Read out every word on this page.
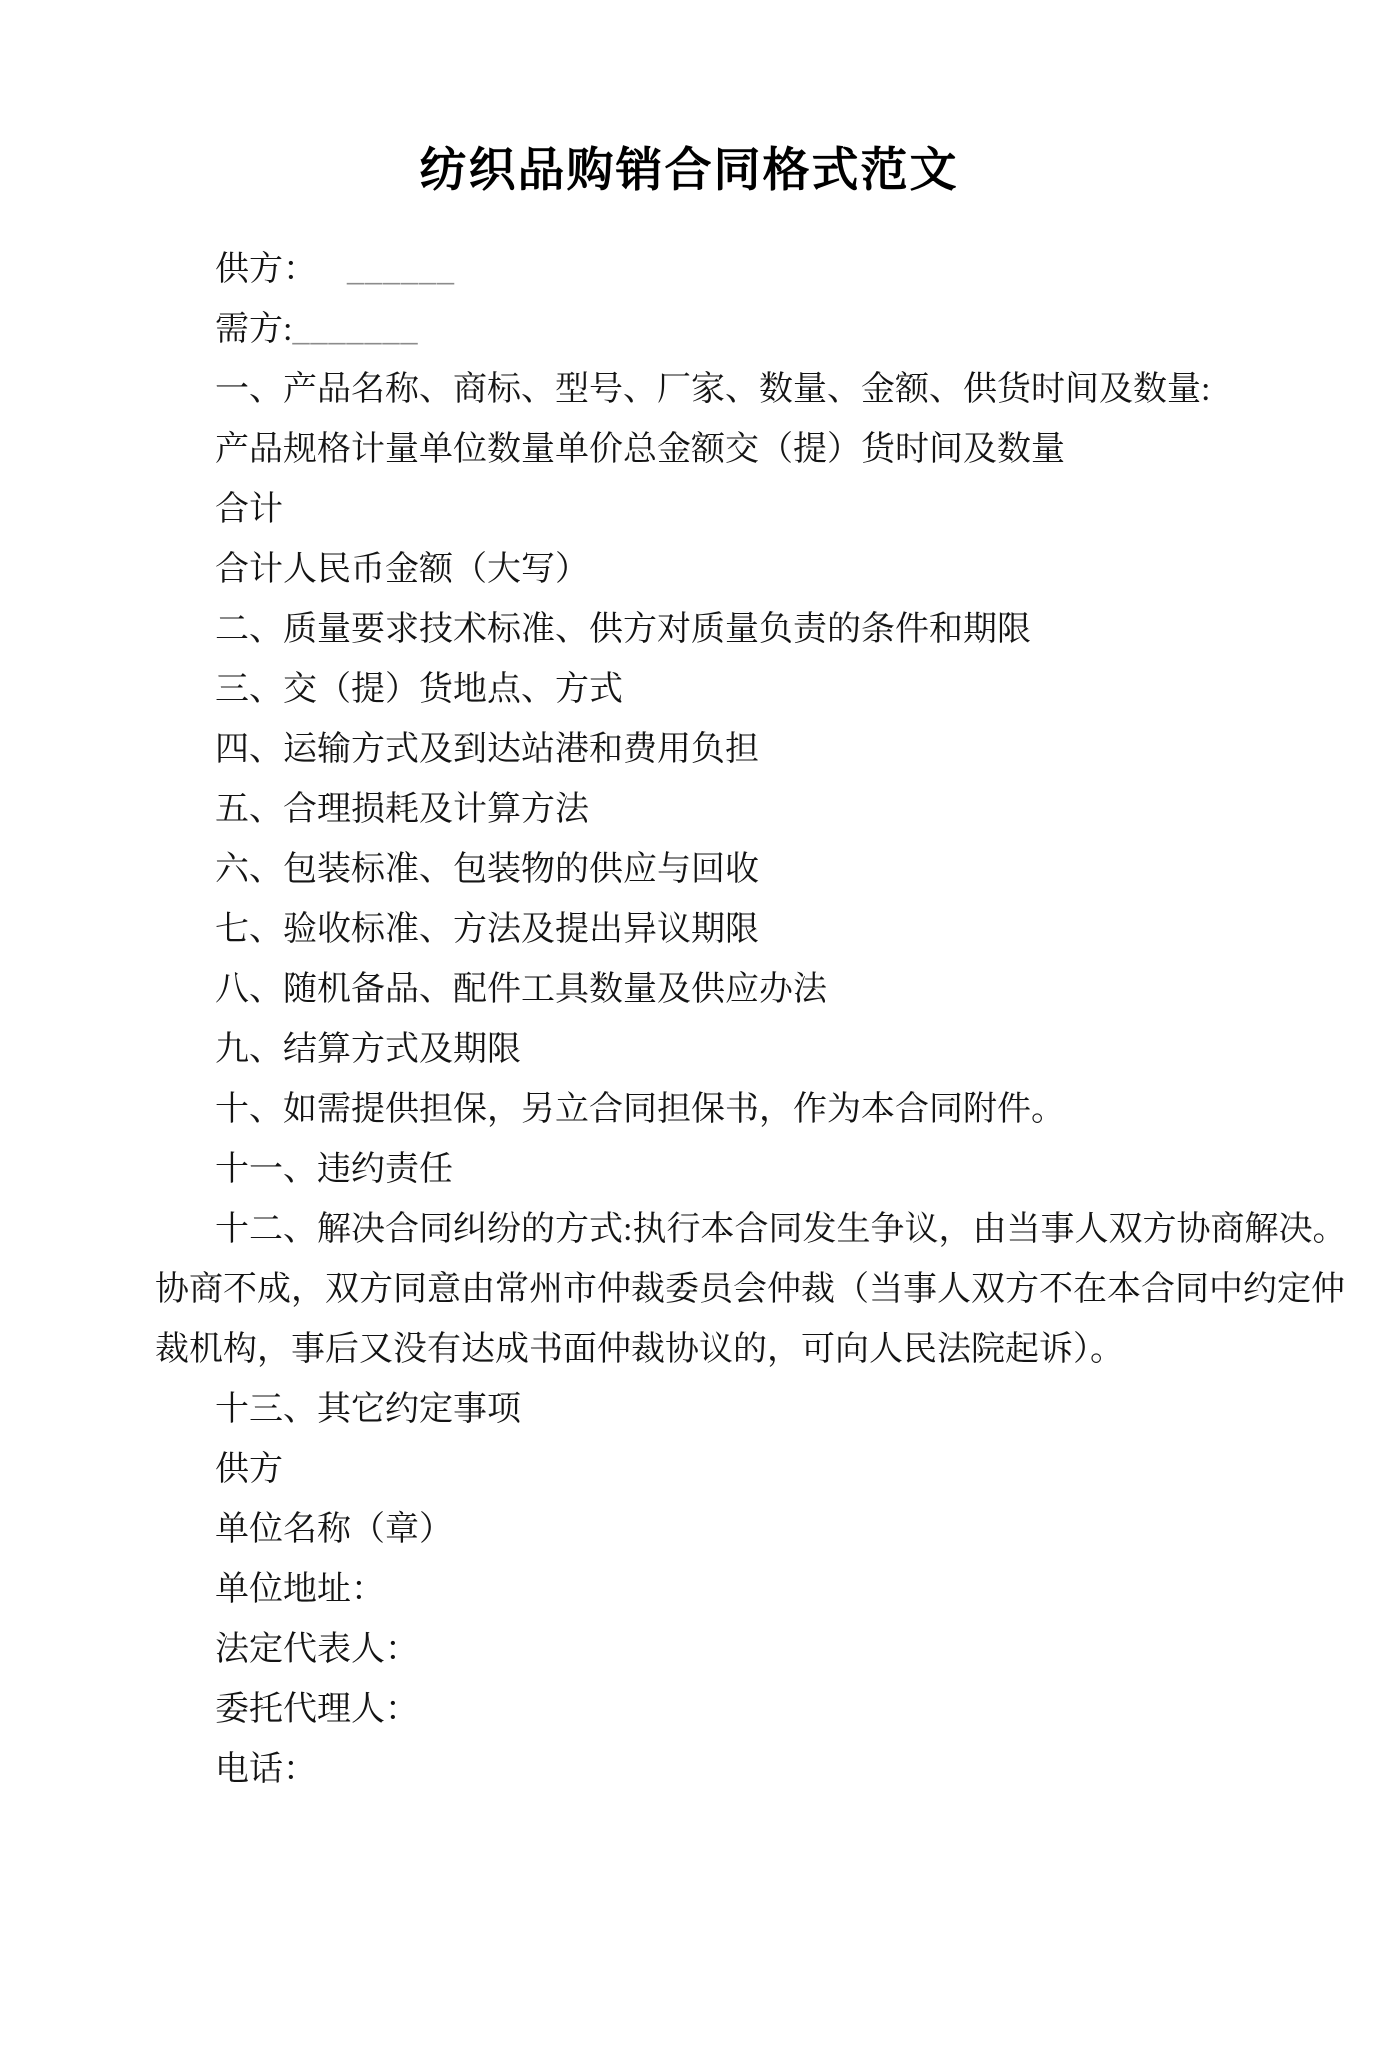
纺织品购销合同格式范文
供方： ______
需方:_______
一、产品名称、商标、型号、厂家、数量、金额、供货时间及数量:
产品规格计量单位数量单价总金额交（提）货时间及数量
合计
合计人民币金额（大写）
二、质量要求技术标准、供方对质量负责的条件和期限
三、交（提）货地点、方式
四、运输方式及到达站港和费用负担
五、合理损耗及计算方法
六、包装标准、包装物的供应与回收
七、验收标准、方法及提出异议期限
八、随机备品、配件工具数量及供应办法
九、结算方式及期限
十、如需提供担保，另立合同担保书，作为本合同附件。
十一、违约责任
十二、解决合同纠纷的方式:执行本合同发生争议，由当事人双方协商解决。
协商不成，双方同意由常州市仲裁委员会仲裁（当事人双方不在本合同中约定仲
裁机构，事后又没有达成书面仲裁协议的，可向人民法院起诉）。
十三、其它约定事项
供方
单位名称（章）
单位地址：
法定代表人：
委托代理人：
电话：
